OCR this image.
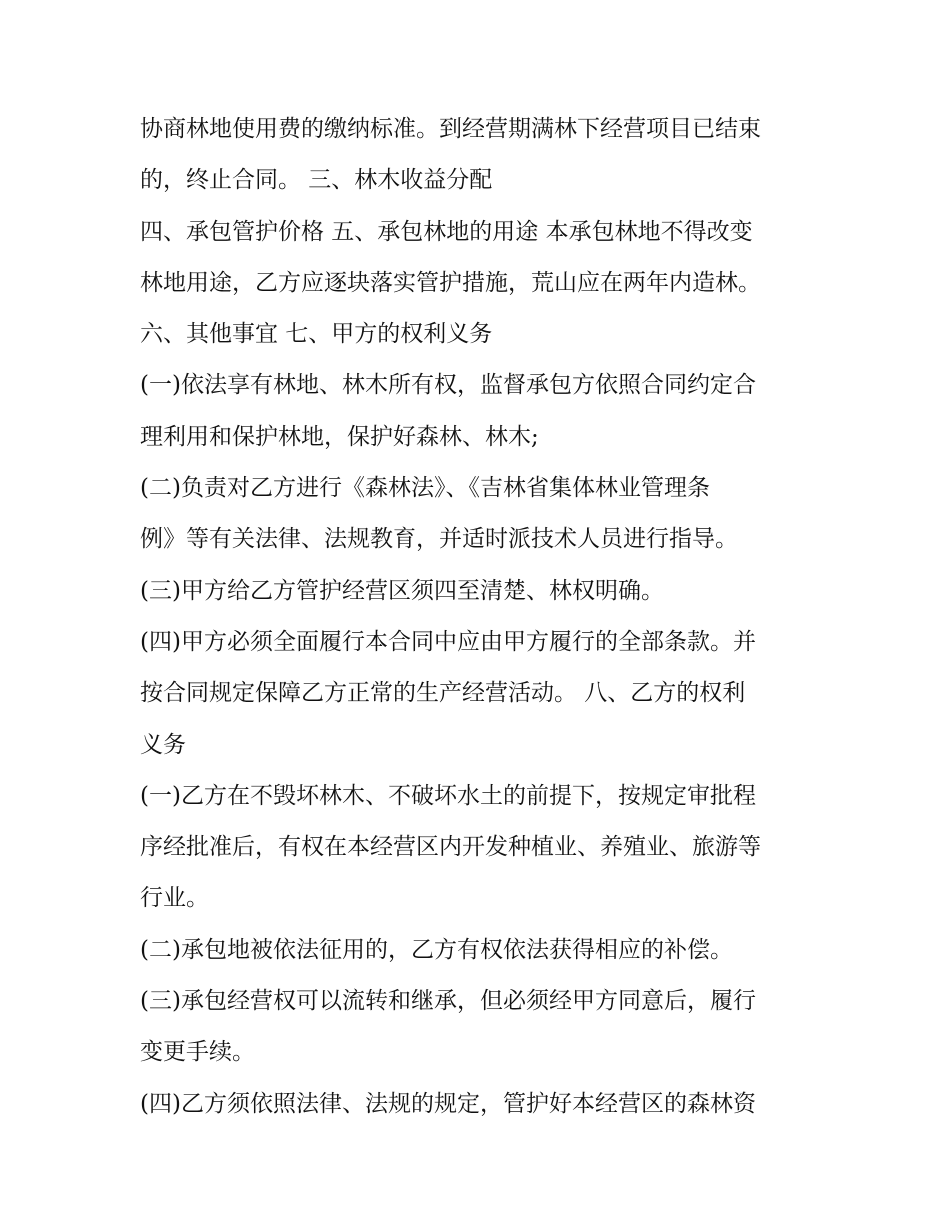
协商林地使用费的缴纳标准。到经营期满林下经营项目已结束
的，终止合同。 三、林木收益分配
四、承包管护价格 五、承包林地的用途 本承包林地不得改变
林地用途，乙方应逐块落实管护措施，荒山应在两年内造林。
六、其他事宜 七、甲方的权利义务
(一)依法享有林地、林木所有权，监督承包方依照合同约定合
理利用和保护林地，保护好森林、林木;
(二)负责对乙方进行《森林法》、《吉林省集体林业管理条
例》等有关法律、法规教育，并适时派技术人员进行指导。
(三)甲方给乙方管护经营区须四至清楚、林权明确。
(四)甲方必须全面履行本合同中应由甲方履行的全部条款。并
按合同规定保障乙方正常的生产经营活动。 八、乙方的权利
义务
(一)乙方在不毁坏林木、不破坏水土的前提下，按规定审批程
序经批准后，有权在本经营区内开发种植业、养殖业、旅游等
行业。
(二)承包地被依法征用的，乙方有权依法获得相应的补偿。
(三)承包经营权可以流转和继承，但必须经甲方同意后，履行
变更手续。
(四)乙方须依照法律、法规的规定，管护好本经营区的森林资
